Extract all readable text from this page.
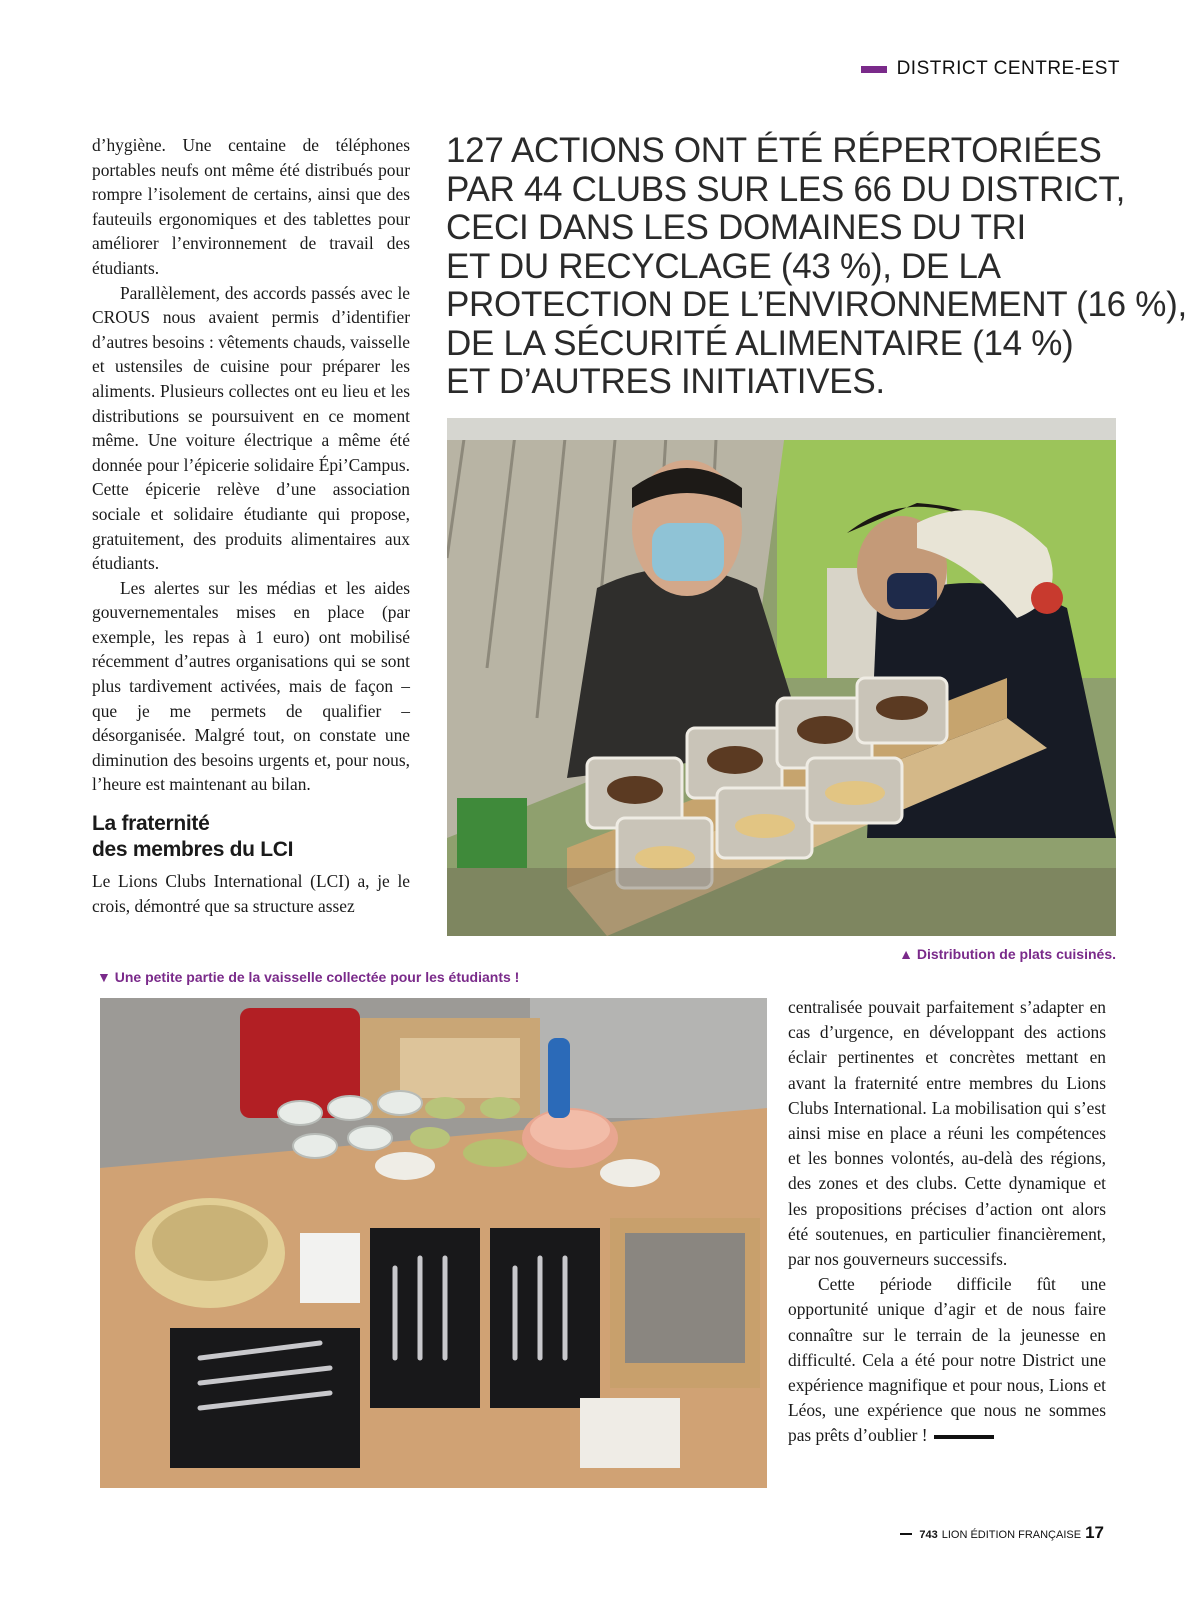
DISTRICT CENTRE-EST

d’hygiène. Une centaine de téléphones portables neufs ont même été distribués pour rompre l’isolement de certains, ainsi que des fauteuils ergonomiques et des tablettes pour améliorer l’environnement de travail des étudiants.

Parallèlement, des accords passés avec le CROUS nous avaient permis d’identifier d’autres besoins : vêtements chauds, vaisselle et ustensiles de cuisine pour préparer les aliments. Plusieurs collectes ont eu lieu et les distributions se poursuivent en ce moment même. Une voiture électrique a même été donnée pour l’épicerie solidaire Épi’Campus. Cette épicerie relève d’une association sociale et solidaire étudiante qui propose, gratuitement, des produits alimentaires aux étudiants.

Les alertes sur les médias et les aides gouvernementales mises en place (par exemple, les repas à 1 euro) ont mobilisé récemment d’autres organisations qui se sont plus tardivement activées, mais de façon – que je me permets de qualifier – désorganisée. Malgré tout, on constate une diminution des besoins urgents et, pour nous, l’heure est maintenant au bilan.

La fraternité
des membres du LCI

Le Lions Clubs International (LCI) a, je le crois, démontré que sa structure assez

127 ACTIONS ONT ÉTÉ RÉPERTORIÉES
PAR 44 CLUBS SUR LES 66 DU DISTRICT,
CECI DANS LES DOMAINES DU TRI
ET DU RECYCLAGE (43 %), DE LA
PROTECTION DE L’ENVIRONNEMENT (16 %),
DE LA SÉCURITÉ ALIMENTAIRE (14 %)
ET D’AUTRES INITIATIVES.
▲ Distribution de plats cuisinés.
▼ Une petite partie de la vaisselle collectée pour les étudiants !

centralisée pouvait parfaitement s’adapter en cas d’urgence, en développant des actions éclair pertinentes et concrètes mettant en avant la fraternité entre membres du Lions Clubs International. La mobilisation qui s’est ainsi mise en place a réuni les compétences et les bonnes volontés, au-delà des régions, des zones et des clubs. Cette dynamique et les propositions précises d’action ont alors été soutenues, en particulier financièrement, par nos gouverneurs successifs.

Cette période difficile fût une opportunité unique d’agir et de nous faire connaître sur le terrain de la jeunesse en difficulté. Cela a été pour notre District une expérience magnifique et pour nous, Lions et Léos, une expérience que nous ne sommes pas prêts d’oublier !

743 LION ÉDITION FRANÇAISE 17
